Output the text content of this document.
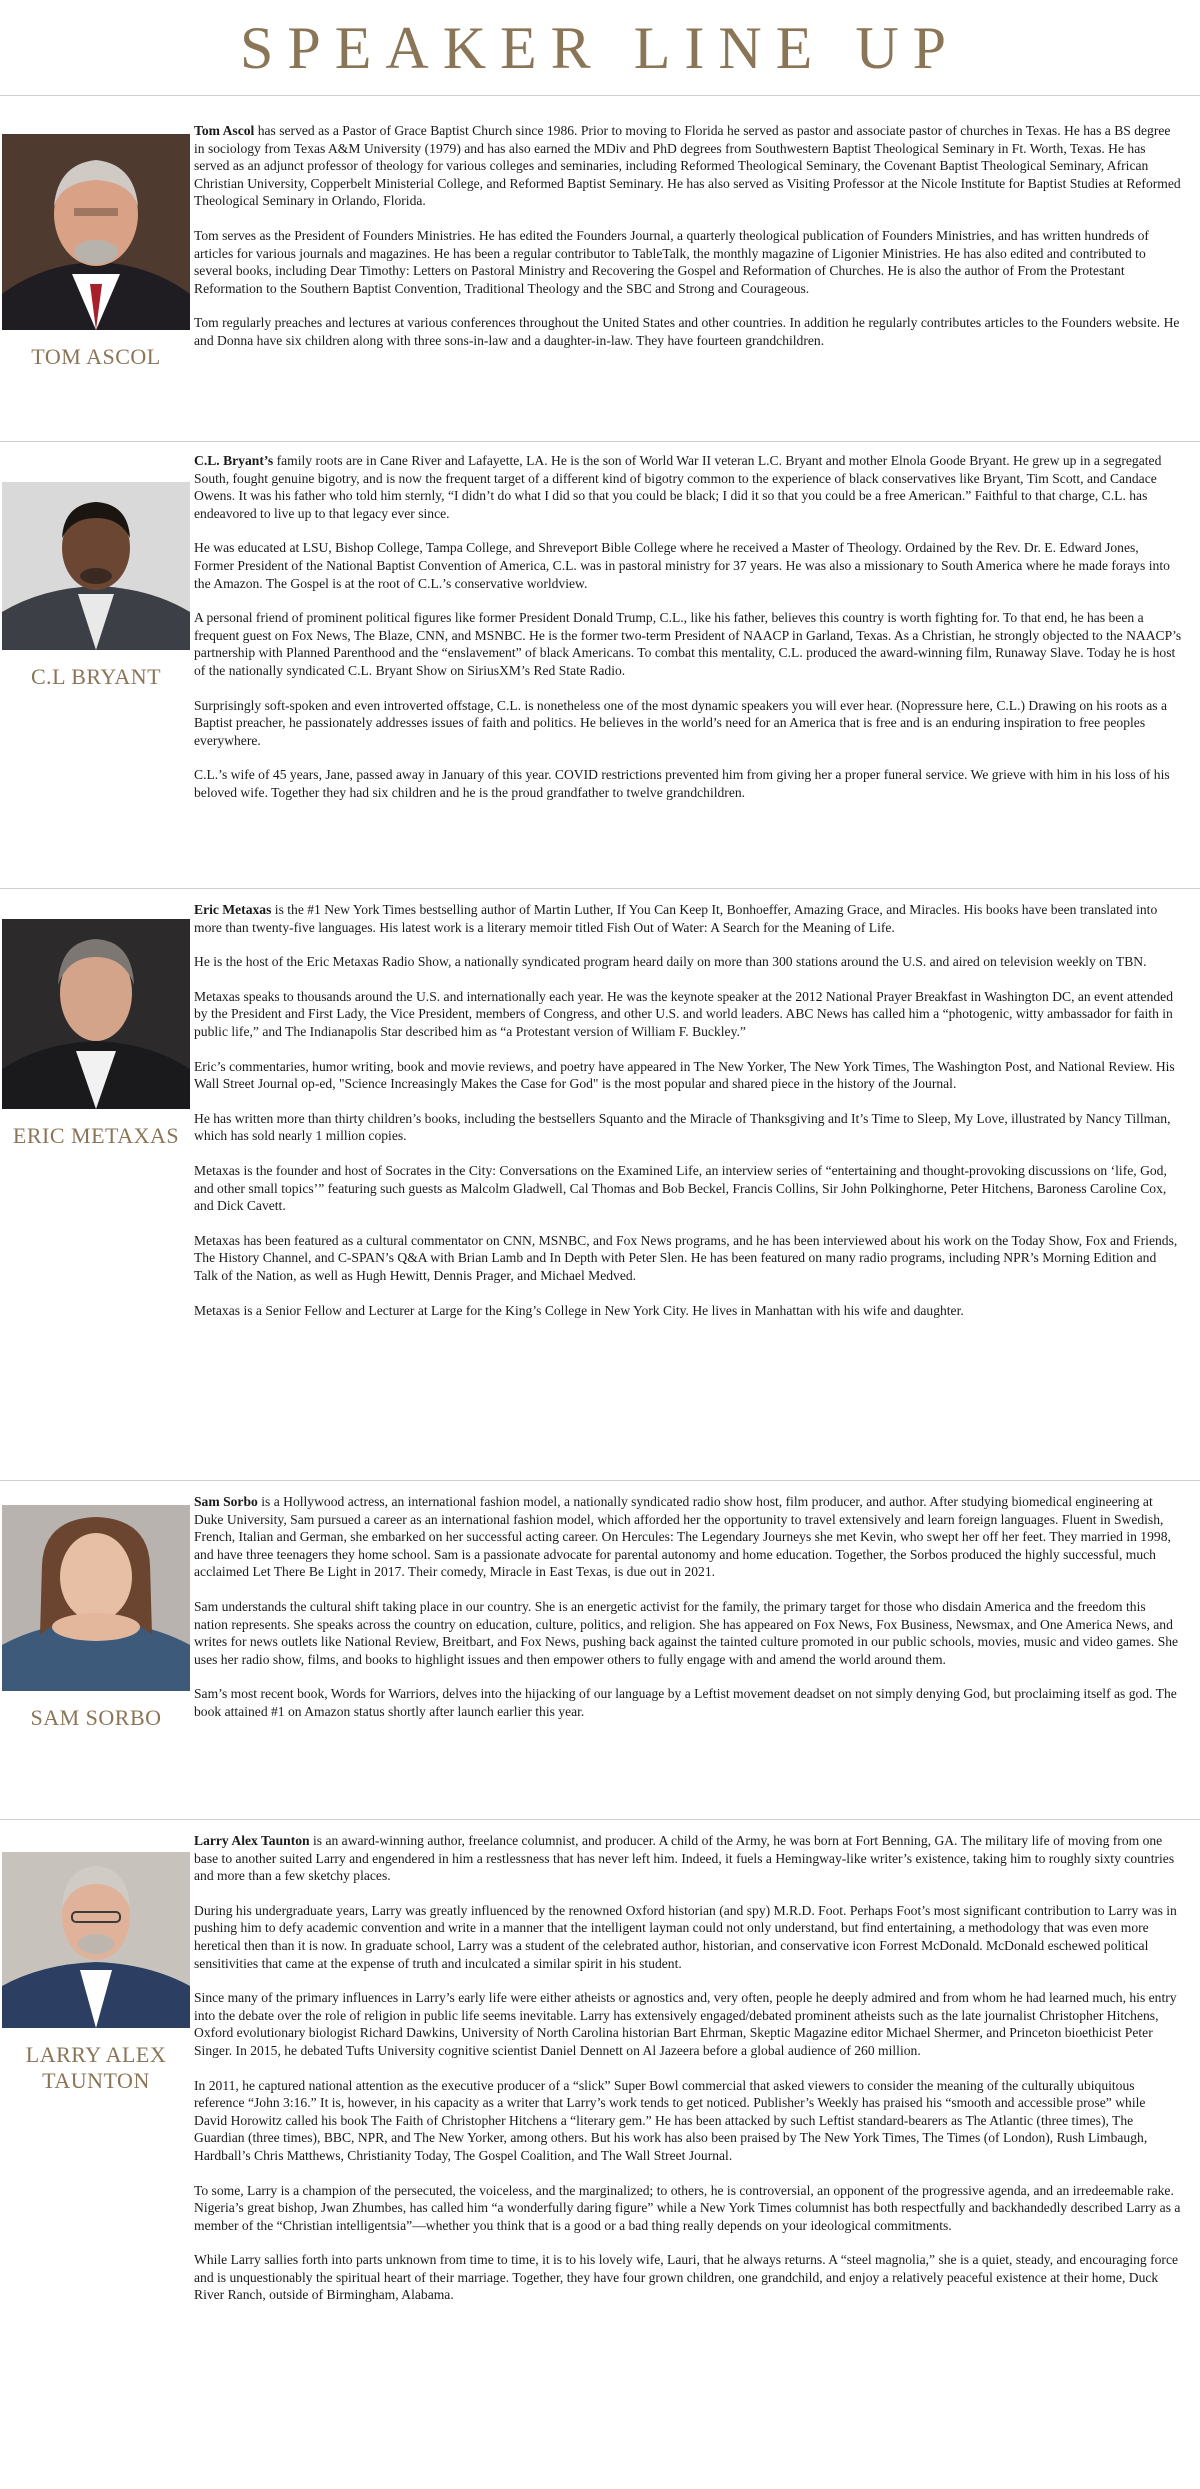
SPEAKER LINE UP
TOM ASCOL

Tom Ascol has served as a Pastor of Grace Baptist Church since 1986. Prior to moving to Florida he served as pastor and associate pastor of churches in Texas. He has a BS degree in sociology from Texas A&M University (1979) and has also earned the MDiv and PhD degrees from Southwestern Baptist Theological Seminary in Ft. Worth, Texas. He has served as an adjunct professor of theology for various colleges and seminaries, including Reformed Theological Seminary, the Covenant Baptist Theological Seminary, African Christian University, Copperbelt Ministerial College, and Reformed Baptist Seminary. He has also served as Visiting Professor at the Nicole Institute for Baptist Studies at Reformed Theological Seminary in Orlando, Florida.

Tom serves as the President of Founders Ministries. He has edited the Founders Journal, a quarterly theological publication of Founders Ministries, and has written hundreds of articles for various journals and magazines. He has been a regular contributor to TableTalk, the monthly magazine of Ligonier Ministries. He has also edited and contributed to several books, including Dear Timothy: Letters on Pastoral Ministry and Recovering the Gospel and Reformation of Churches. He is also the author of From the Protestant Reformation to the Southern Baptist Convention, Traditional Theology and the SBC and Strong and Courageous.

Tom regularly preaches and lectures at various conferences throughout the United States and other countries. In addition he regularly contributes articles to the Founders website. He and Donna have six children along with three sons-in-law and a daughter-in-law. They have fourteen grandchildren.

C.L BRYANT

C.L. Bryant’s family roots are in Cane River and Lafayette, LA. He is the son of World War II veteran L.C. Bryant and mother Elnola Goode Bryant. He grew up in a segregated South, fought genuine bigotry, and is now the frequent target of a different kind of bigotry common to the experience of black conservatives like Bryant, Tim Scott, and Candace Owens. It was his father who told him sternly, “I didn’t do what I did so that you could be black; I did it so that you could be a free American.” Faithful to that charge, C.L. has endeavored to live up to that legacy ever since.

He was educated at LSU, Bishop College, Tampa College, and Shreveport Bible College where he received a Master of Theology. Ordained by the Rev. Dr. E. Edward Jones, Former President of the National Baptist Convention of America, C.L. was in pastoral ministry for 37 years. He was also a missionary to South America where he made forays into the Amazon. The Gospel is at the root of C.L.’s conservative worldview.

A personal friend of prominent political figures like former President Donald Trump, C.L., like his father, believes this country is worth fighting for. To that end, he has been a frequent guest on Fox News, The Blaze, CNN, and MSNBC. He is the former two-term President of NAACP in Garland, Texas. As a Christian, he strongly objected to the NAACP’s partnership with Planned Parenthood and the “enslavement” of black Americans. To combat this mentality, C.L. produced the award-winning film, Runaway Slave. Today he is host of the nationally syndicated C.L. Bryant Show on SiriusXM’s Red State Radio.

Surprisingly soft-spoken and even introverted offstage, C.L. is nonetheless one of the most dynamic speakers you will ever hear. (Nopressure here, C.L.) Drawing on his roots as a Baptist preacher, he passionately addresses issues of faith and politics. He believes in the world’s need for an America that is free and is an enduring inspiration to free peoples everywhere.

C.L.’s wife of 45 years, Jane, passed away in January of this year. COVID restrictions prevented him from giving her a proper funeral service. We grieve with him in his loss of his beloved wife. Together they had six children and he is the proud grandfather to twelve grandchildren.

ERIC METAXAS

Eric Metaxas is the #1 New York Times bestselling author of Martin Luther, If You Can Keep It, Bonhoeffer, Amazing Grace, and Miracles. His books have been translated into more than twenty-five languages. His latest work is a literary memoir titled Fish Out of Water: A Search for the Meaning of Life.

He is the host of the Eric Metaxas Radio Show, a nationally syndicated program heard daily on more than 300 stations around the U.S. and aired on television weekly on TBN.

Metaxas speaks to thousands around the U.S. and internationally each year. He was the keynote speaker at the 2012 National Prayer Breakfast in Washington DC, an event attended by the President and First Lady, the Vice President, members of Congress, and other U.S. and world leaders. ABC News has called him a “photogenic, witty ambassador for faith in public life,” and The Indianapolis Star described him as “a Protestant version of William F. Buckley.”

Eric’s commentaries, humor writing, book and movie reviews, and poetry have appeared in The New Yorker, The New York Times, The Washington Post, and National Review. His Wall Street Journal op-ed, "Science Increasingly Makes the Case for God" is the most popular and shared piece in the history of the Journal.

He has written more than thirty children’s books, including the bestsellers Squanto and the Miracle of Thanksgiving and It’s Time to Sleep, My Love, illustrated by Nancy Tillman, which has sold nearly 1 million copies.

Metaxas is the founder and host of Socrates in the City: Conversations on the Examined Life, an interview series of “entertaining and thought-provoking discussions on ‘life, God, and other small topics’” featuring such guests as Malcolm Gladwell, Cal Thomas and Bob Beckel, Francis Collins, Sir John Polkinghorne, Peter Hitchens, Baroness Caroline Cox, and Dick Cavett.

Metaxas has been featured as a cultural commentator on CNN, MSNBC, and Fox News programs, and he has been interviewed about his work on the Today Show, Fox and Friends, The History Channel, and C-SPAN’s Q&A with Brian Lamb and In Depth with Peter Slen. He has been featured on many radio programs, including NPR’s Morning Edition and Talk of the Nation, as well as Hugh Hewitt, Dennis Prager, and Michael Medved.

Metaxas is a Senior Fellow and Lecturer at Large for the King’s College in New York City. He lives in Manhattan with his wife and daughter.

SAM SORBO

Sam Sorbo is a Hollywood actress, an international fashion model, a nationally syndicated radio show host, film producer, and author. After studying biomedical engineering at Duke University, Sam pursued a career as an international fashion model, which afforded her the opportunity to travel extensively and learn foreign languages. Fluent in Swedish, French, Italian and German, she embarked on her successful acting career. On Hercules: The Legendary Journeys she met Kevin, who swept her off her feet. They married in 1998, and have three teenagers they home school. Sam is a passionate advocate for parental autonomy and home education. Together, the Sorbos produced the highly successful, much acclaimed Let There Be Light in 2017. Their comedy, Miracle in East Texas, is due out in 2021.

Sam understands the cultural shift taking place in our country. She is an energetic activist for the family, the primary target for those who disdain America and the freedom this nation represents. She speaks across the country on education, culture, politics, and religion. She has appeared on Fox News, Fox Business, Newsmax, and One America News, and writes for news outlets like National Review, Breitbart, and Fox News, pushing back against the tainted culture promoted in our public schools, movies, music and video games. She uses her radio show, films, and books to highlight issues and then empower others to fully engage with and amend the world around them.

Sam’s most recent book, Words for Warriors, delves into the hijacking of our language by a Leftist movement deadset on not simply denying God, but proclaiming itself as god. The book attained #1 on Amazon status shortly after launch earlier this year.

LARRY ALEX TAUNTON

Larry Alex Taunton is an award-winning author, freelance columnist, and producer. A child of the Army, he was born at Fort Benning, GA. The military life of moving from one base to another suited Larry and engendered in him a restlessness that has never left him. Indeed, it fuels a Hemingway-like writer’s existence, taking him to roughly sixty countries and more than a few sketchy places.

During his undergraduate years, Larry was greatly influenced by the renowned Oxford historian (and spy) M.R.D. Foot. Perhaps Foot’s most significant contribution to Larry was in pushing him to defy academic convention and write in a manner that the intelligent layman could not only understand, but find entertaining, a methodology that was even more heretical then than it is now. In graduate school, Larry was a student of the celebrated author, historian, and conservative icon Forrest McDonald. McDonald eschewed political sensitivities that came at the expense of truth and inculcated a similar spirit in his student.

Since many of the primary influences in Larry’s early life were either atheists or agnostics and, very often, people he deeply admired and from whom he had learned much, his entry into the debate over the role of religion in public life seems inevitable. Larry has extensively engaged/debated prominent atheists such as the late journalist Christopher Hitchens, Oxford evolutionary biologist Richard Dawkins, University of North Carolina historian Bart Ehrman, Skeptic Magazine editor Michael Shermer, and Princeton bioethicist Peter Singer. In 2015, he debated Tufts University cognitive scientist Daniel Dennett on Al Jazeera before a global audience of 260 million.

In 2011, he captured national attention as the executive producer of a “slick” Super Bowl commercial that asked viewers to consider the meaning of the culturally ubiquitous reference “John 3:16.” It is, however, in his capacity as a writer that Larry’s work tends to get noticed. Publisher’s Weekly has praised his “smooth and accessible prose” while David Horowitz called his book The Faith of Christopher Hitchens a “literary gem.” He has been attacked by such Leftist standard-bearers as The Atlantic (three times), The Guardian (three times), BBC, NPR, and The New Yorker, among others. But his work has also been praised by The New York Times, The Times (of London), Rush Limbaugh, Hardball’s Chris Matthews, Christianity Today, The Gospel Coalition, and The Wall Street Journal.

To some, Larry is a champion of the persecuted, the voiceless, and the marginalized; to others, he is controversial, an opponent of the progressive agenda, and an irredeemable rake. Nigeria’s great bishop, Jwan Zhumbes, has called him “a wonderfully daring figure” while a New York Times columnist has both respectfully and backhandedly described Larry as a member of the “Christian intelligentsia”—whether you think that is a good or a bad thing really depends on your ideological commitments.

While Larry sallies forth into parts unknown from time to time, it is to his lovely wife, Lauri, that he always returns. A “steel magnolia,” she is a quiet, steady, and encouraging force and is unquestionably the spiritual heart of their marriage. Together, they have four grown children, one grandchild, and enjoy a relatively peaceful existence at their home, Duck River Ranch, outside of Birmingham, Alabama.
